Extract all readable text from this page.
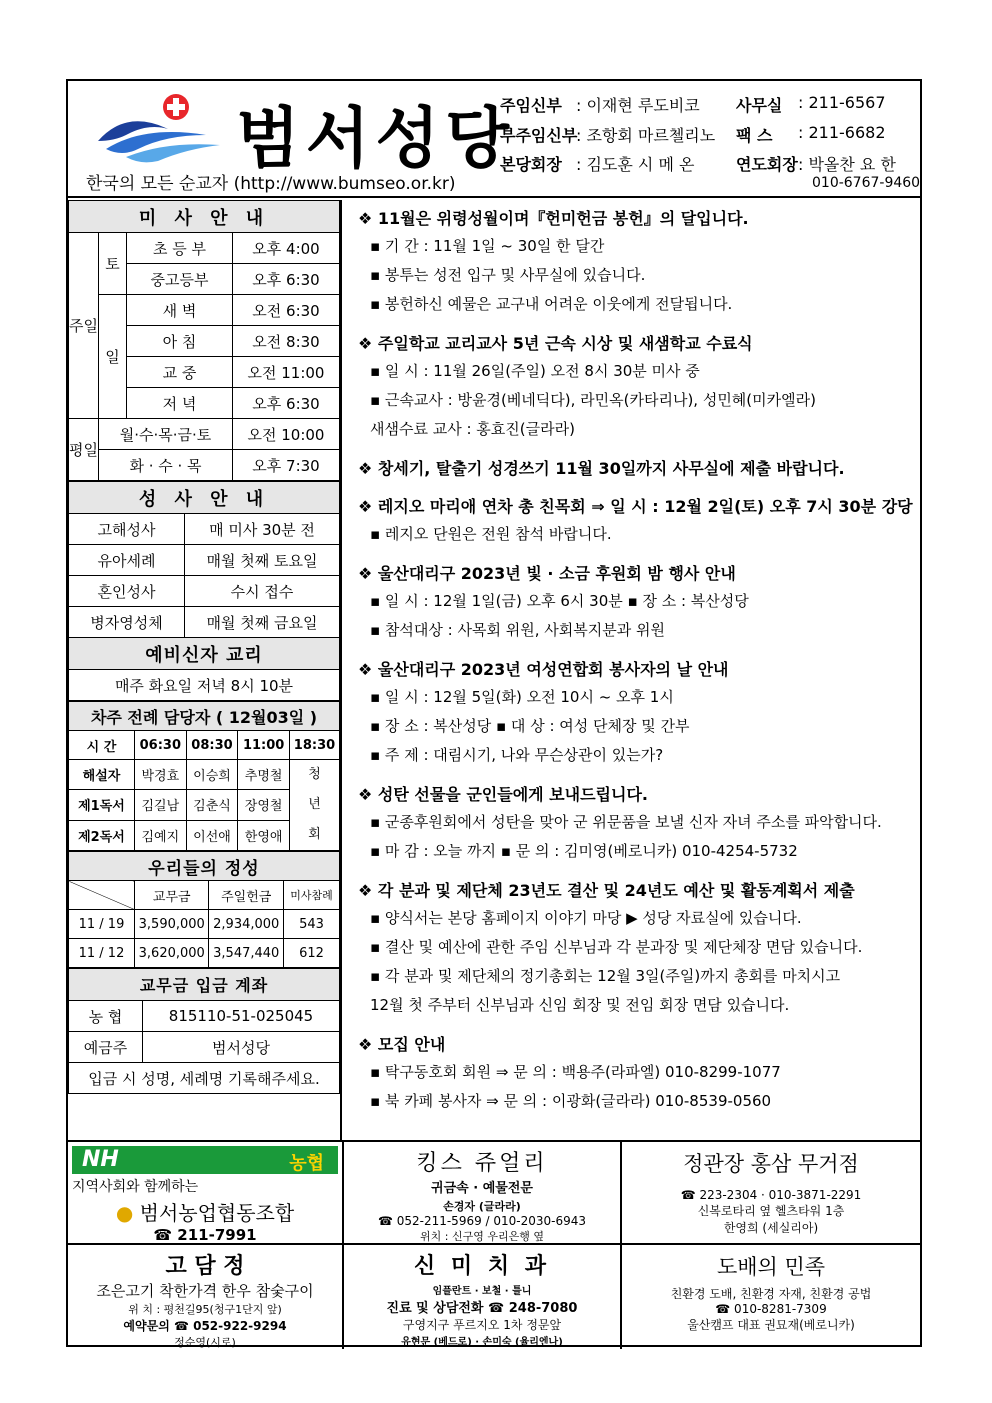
범서성당
한국의 모든 순교자 (http://www.bumseo.or.kr)
주임신부 : 이재현 루도비코
부주임신부
: 조항회 마르첼리노
본당회장 : 김도훈 시 메 온
사무실 : 211-6567
팩 스 : 211-6682
연도회장 : 박올찬 요 한
010-6767-9460
미 사 안 내			
주일	토	초 등 부	오후 4:00
		중고등부	오후 6:30
	일	새 벽	오전 6:30
		아 침	오전 8:30
		교 중	오전 11:00
		저 녁	오후 6:30
평일	월·수·목·금·토		오전 10:00
	화 · 수 · 목		오후 7:30
성 사 안 내	
고해성사	매 미사 30분 전
유아세례	매월 첫째 토요일
혼인성사	수시 접수
병자영성체	매월 첫째 금요일
예비신자 교리	
매주 화요일 저녁 8시 10분	
차주 전례 담당자 ( 12월03일 )				
시 간	06:30	08:30	11:00	18:30
해설자	박경효	이승희	추명철	청년회
제1독서	김길남	김춘식	장영철	
제2독서	김예지	이선애	한영애	
우리들의 정성			
	교무금	주일헌금	미사참례
11 / 19	3,590,000	2,934,000	543
11 / 12	3,620,000	3,547,440	612
교무금 입금 계좌	
농 협	815110-51-025045
예금주	범서성당
입금 시 성명, 세례명 기록해주세요.	
❖ 11월은 위령성월이며『헌미헌금 봉헌』의 달입니다.
▪ 기 간 : 11월 1일 ~ 30일 한 달간
▪ 봉투는 성전 입구 및 사무실에 있습니다.
▪ 봉헌하신 예물은 교구내 어려운 이웃에게 전달됩니다.
❖ 주일학교 교리교사 5년 근속 시상 및 새샘학교 수료식
▪ 일 시 : 11월 26일(주일) 오전 8시 30분 미사 중
▪ 근속교사 : 방윤경(베네딕다), 라민옥(카타리나), 성민혜(미카엘라)
새샘수료 교사 : 홍효진(글라라)
❖ 창세기, 탈출기 성경쓰기 11월 30일까지 사무실에 제출 바랍니다.
❖ 레지오 마리애 연차 총 친목회 ⇒ 일 시 : 12월 2일(토) 오후 7시 30분 강당
▪ 레지오 단원은 전원 참석 바랍니다.
❖ 울산대리구 2023년 빛 · 소금 후원회 밤 행사 안내
▪ 일 시 : 12월 1일(금) 오후 6시 30분 ▪ 장 소 : 복산성당
▪ 참석대상 : 사목회 위원, 사회복지분과 위원
❖ 울산대리구 2023년 여성연합회 봉사자의 날 안내
▪ 일 시 : 12월 5일(화) 오전 10시 ~ 오후 1시
▪ 장 소 : 복산성당 ▪ 대 상 : 여성 단체장 및 간부
▪ 주 제 : 대림시기, 나와 무슨상관이 있는가?
❖ 성탄 선물을 군인들에게 보내드립니다.
▪ 군종후원회에서 성탄을 맞아 군 위문품을 보낼 신자 자녀 주소를 파악합니다.
▪ 마 감 : 오늘 까지 ▪ 문 의 : 김미영(베로니카) 010-4254-5732
❖ 각 분과 및 제단체 23년도 결산 및 24년도 예산 및 활동계획서 제출
▪ 양식서는 본당 홈페이지 이야기 마당 ▶ 성당 자료실에 있습니다.
▪ 결산 및 예산에 관한 주임 신부님과 각 분과장 및 제단체장 면담 있습니다.
▪ 각 분과 및 제단체의 정기총회는 12월 3일(주일)까지 총회를 마치시고
12월 첫 주부터 신부님과 신임 회장 및 전임 회장 면담 있습니다.
❖ 모집 안내
▪ 탁구동호회 회원 ⇒ 문 의 : 백용주(라파엘) 010-8299-1077
▪ 북 카페 봉사자 ⇒ 문 의 : 이광화(글라라) 010-8539-0560
NH	농협

지역사회와 함께하는

● 범서농업협동조합

☎ 211-7991

킹스 쥬얼리

귀금속 · 예물전문

손경자 (글라라)

☎ 052-211-5969 / 010-2030-6943

위치 : 신구영 우리은행 옆

정관장 홍삼 무거점

☎ 223-2304 · 010-3871-2291

신복로타리 옆 헬츠타워 1층

한영희 (세실리아)

고 담 정

조은고기 착한가격 한우 참숯구이

위 치 : 평천길95(청구1단지 앞)

예약문의 ☎ 052-922-9294

정순영(시로)

신 미 치 과

임플란트 · 보철 · 틀니

진료 및 상담전화 ☎ 248-7080

구영지구 푸르지오 1차 정문앞

유현문 (베드로) · 손미숙 (율리엔나)

도배의 민족

친환경 도배, 친환경 자재, 친환경 공법

☎ 010-8281-7309

울산캠프 대표 권묘재(베로니카)
